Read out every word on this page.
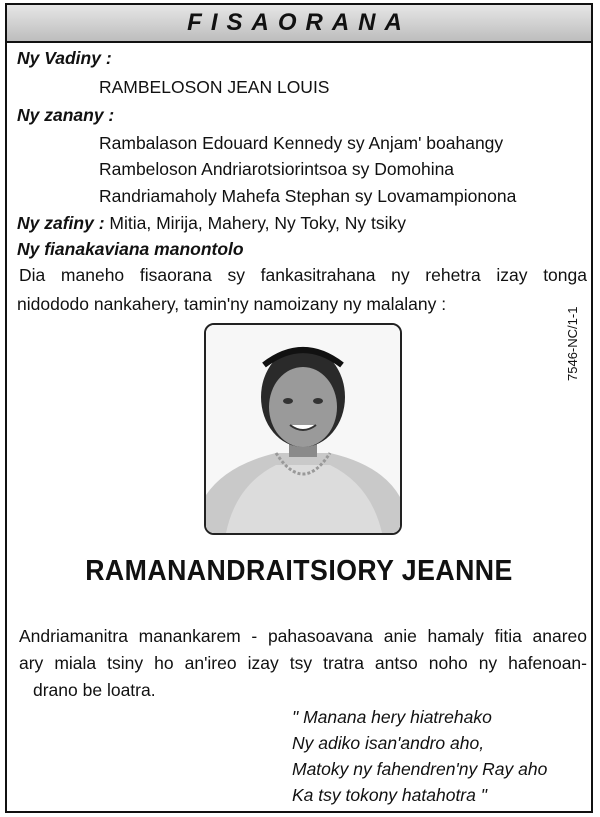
FISAORANA
Ny Vadiny :
RAMBELOSON JEAN LOUIS
Ny zanany :
Rambalason Edouard Kennedy sy Anjam' boahangy
Rambeloson Andriarotsiorintsoa sy Domohina
Randriamaholy Mahefa Stephan sy Lovamampionona
Ny zafiny : Mitia, Mirija, Mahery, Ny Toky, Ny tsiky
Ny fianakaviana manontolo
Dia maneho fisaorana sy fankasitrahana ny rehetra izay tonga
nidododo nankahery, tamin'ny namoizany ny malalany :
7546-NC/1-1
RAMANANDRAITSIORY JEANNE
Andriamanitra manankarem - pahasoavana anie hamaly fitia anareo
ary miala tsiny ho an'ireo izay tsy tratra antso noho ny hafenoan-
drano be loatra.
" Manana hery hiatrehako
Ny adiko isan'andro aho,
Matoky ny fahendren'ny Ray aho
Ka tsy tokony hatahotra "
